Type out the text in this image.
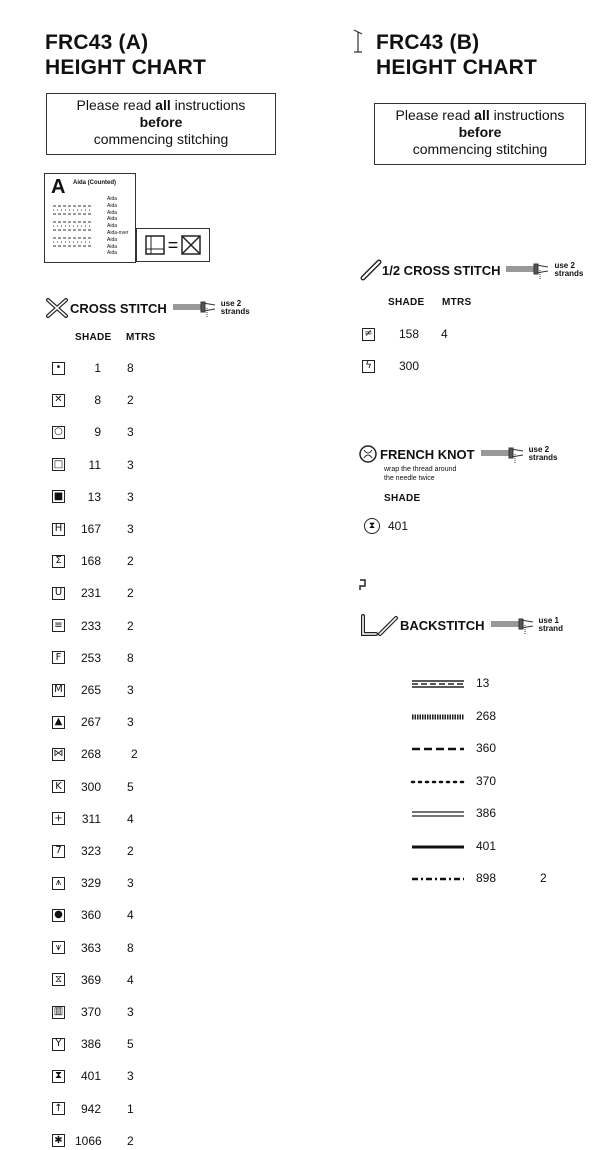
FRC43 (A)
HEIGHT CHART
Please read all instructions
before
commencing stitching
A Aida (Counted)
Aida
Aida
Aida
Aida
Aida
Aida-over
Aida
Aida
Aida	=
CROSS STITCH	use 2
strands
SHADE MTRS
•	1 8
✕	8 2
○	9 3
□	11 3
■	13 3
H	167 3
Σ	168 2
U	231 2
≡	233 2
F	253 8
M	265 3
▲	267 3
⋈	268	2
K	300 5
+	311 4
7	323 2
⩚	329 3
●	360 4
⩛	363 8
⧖	369 4
▥	370 3
Y	386 5
⧗	401 3
↑	942 1
✱ 1066 2
FRC43 (B)
HEIGHT CHART
Please read all instructions
before
commencing stitching
1/2 CROSS STITCH	use 2
strands
SHADE MTRS
≠ 158 4
ϟ 300
FRENCH KNOT	use 2
strands
wrap the thread around
the needle twice
SHADE
⧗	401
BACKSTITCH	use 1
strand
13
268
360
370
386
401
898	2
